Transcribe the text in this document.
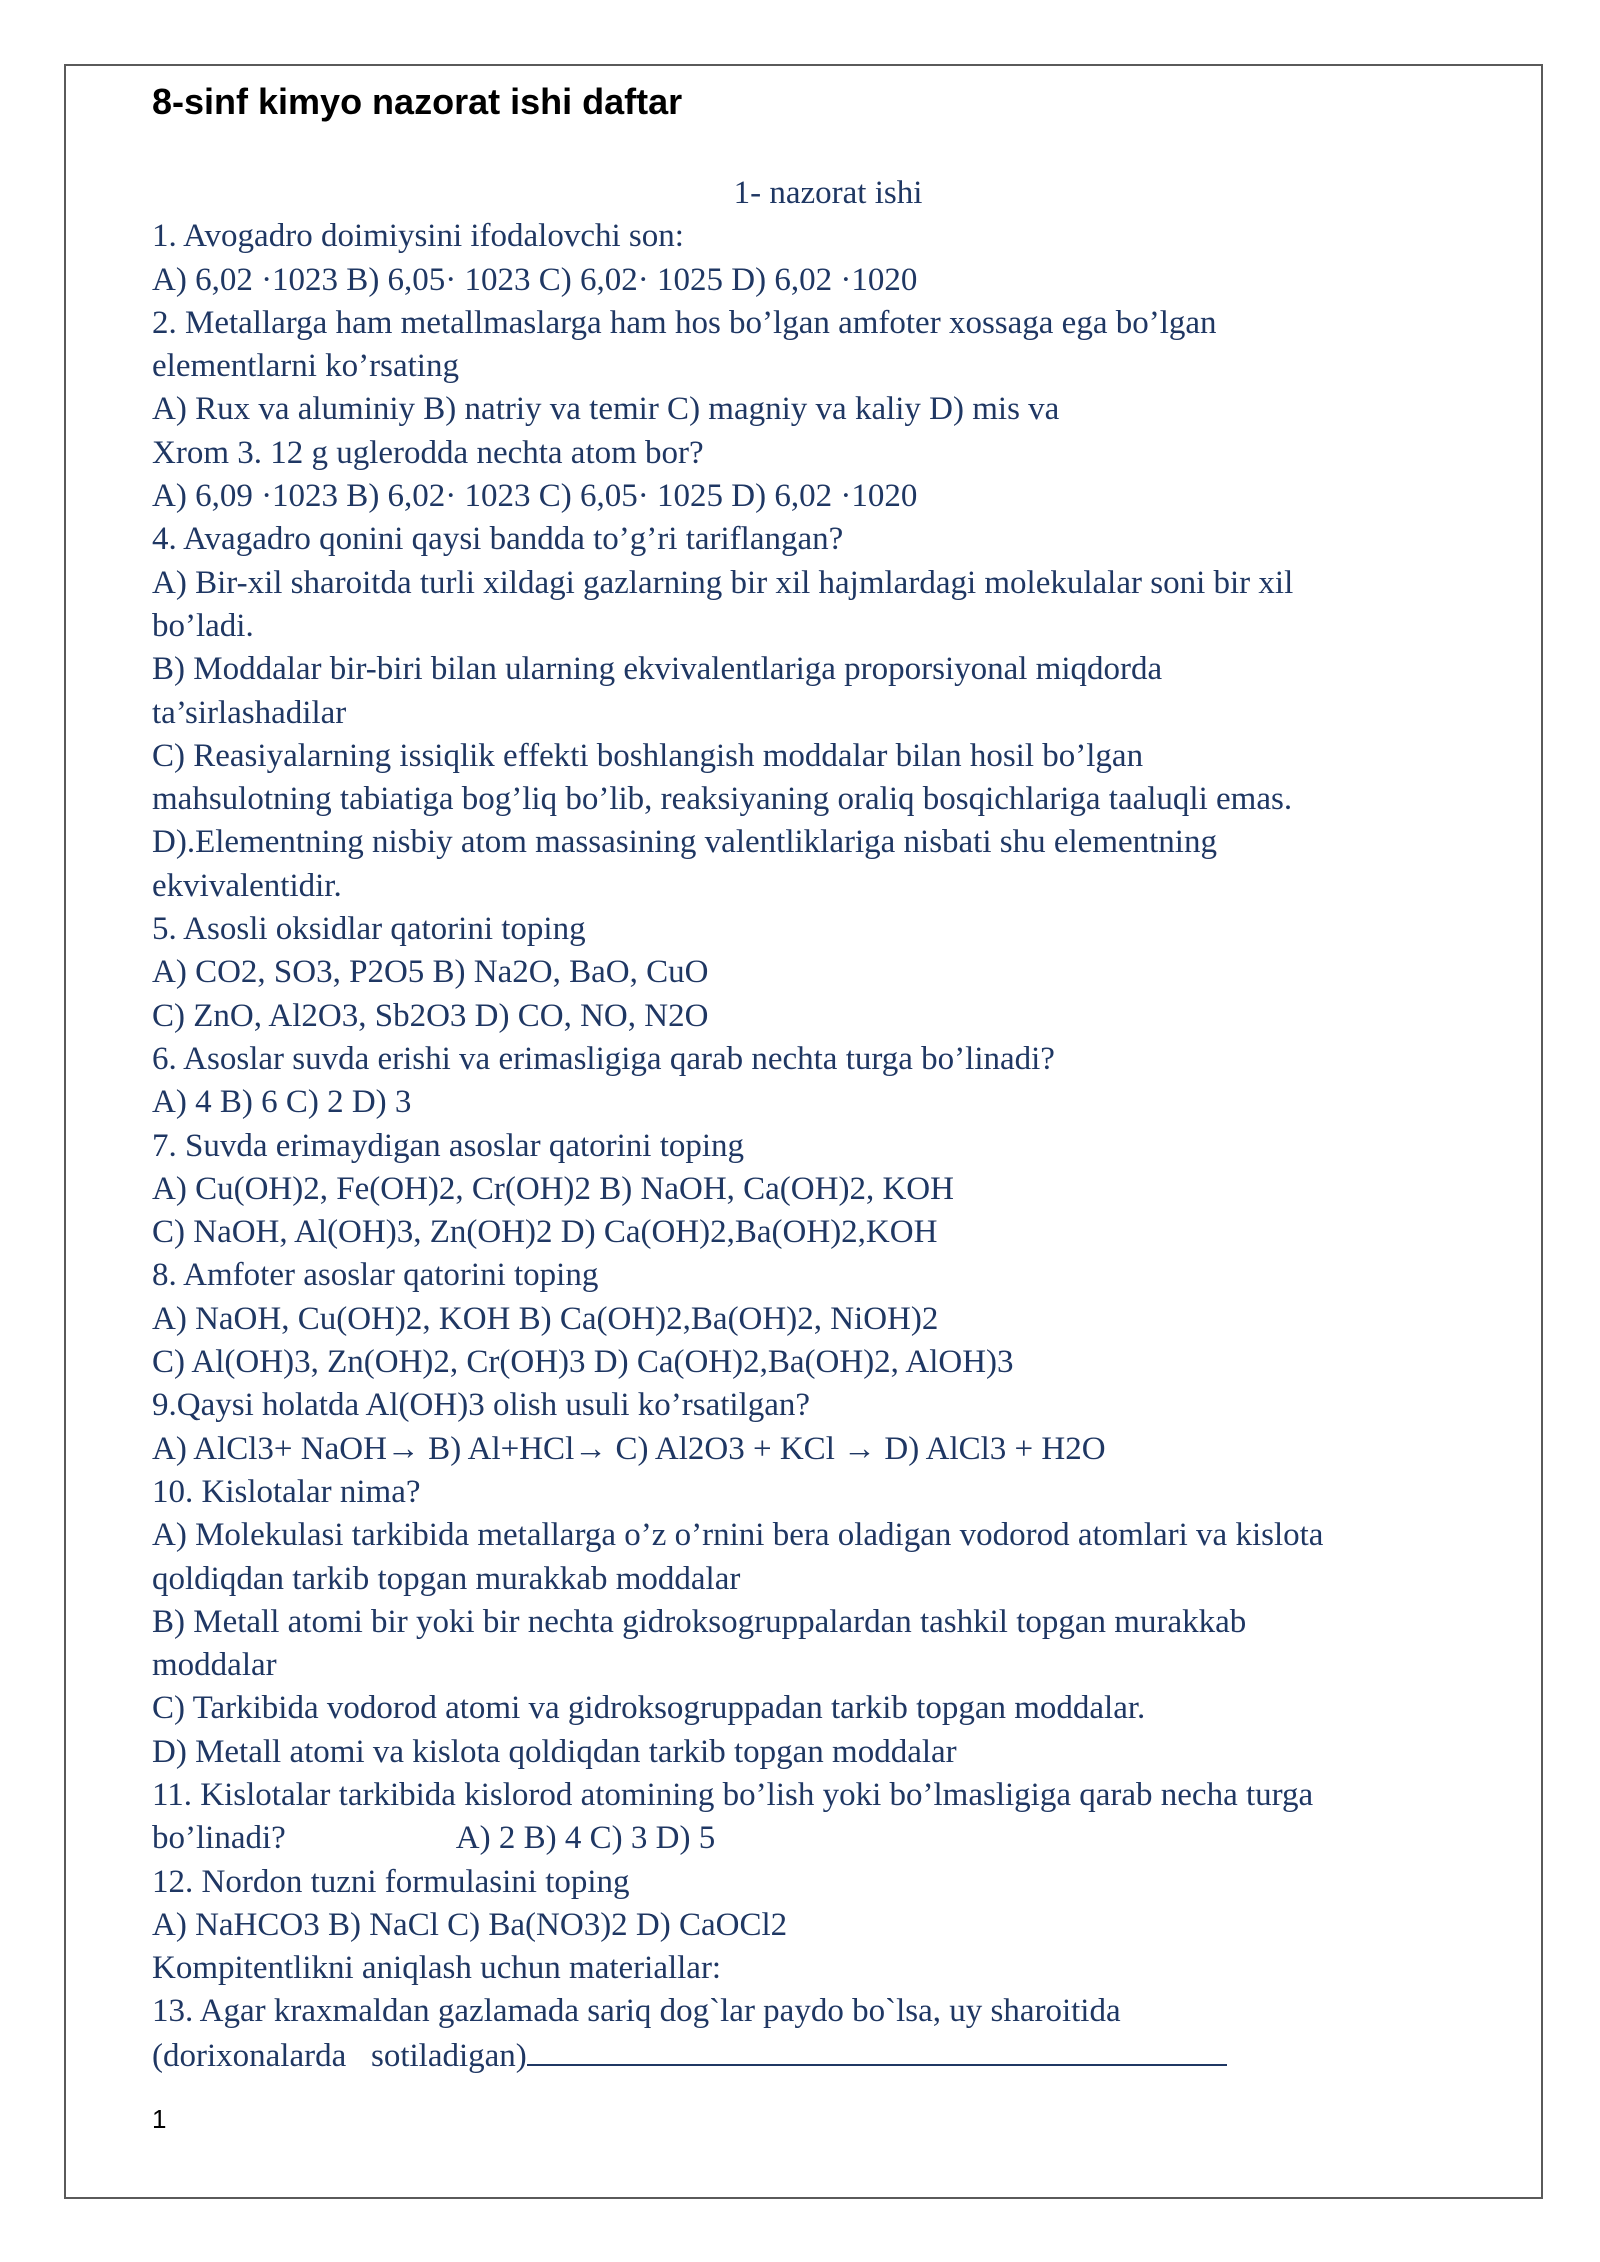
8-sinf kimyo nazorat ishi daftar
1- nazorat ishi
1. Avogadro doimiysini ifodalovchi son:
A) 6,02 ·1023 B) 6,05· 1023 C) 6,02· 1025 D) 6,02 ·1020
2. Metallarga ham metallmaslarga ham hos bo’lgan amfoter xossaga ega bo’lgan
elementlarni ko’rsating
A) Rux va aluminiy B) natriy va temir C) magniy va kaliy D) mis va
Xrom 3. 12 g uglerodda nechta atom bor?
A) 6,09 ·1023 B) 6,02· 1023 C) 6,05· 1025 D) 6,02 ·1020
4. Avagadro qonini qaysi bandda to’g’ri tariflangan?
A) Bir-xil sharoitda turli xildagi gazlarning bir xil hajmlardagi molekulalar soni bir xil
bo’ladi.
B) Moddalar bir-biri bilan ularning ekvivalentlariga proporsiyonal miqdorda
ta’sirlashadilar
C) Reasiyalarning issiqlik effekti boshlangish moddalar bilan hosil bo’lgan
mahsulotning tabiatiga bog’liq bo’lib, reaksiyaning oraliq bosqichlariga taaluqli emas.
D).Elementning nisbiy atom massasining valentliklariga nisbati shu elementning
ekvivalentidir.
5. Asosli oksidlar qatorini toping
A) CO2, SO3, P2O5 B) Na2O, BaO, CuO
C) ZnO, Al2O3, Sb2O3 D) CO, NO, N2O
6. Asoslar suvda erishi va erimasligiga qarab nechta turga bo’linadi?
A) 4 B) 6 C) 2 D) 3
7. Suvda erimaydigan asoslar qatorini toping
A) Cu(OH)2, Fe(OH)2, Cr(OH)2 B) NaOH, Ca(OH)2, KOH
C) NaOH, Al(OH)3, Zn(OH)2 D) Ca(OH)2,Ba(OH)2,KOH
8. Amfoter asoslar qatorini toping
A) NaOH, Cu(OH)2, KOH B) Ca(OH)2,Ba(OH)2, NiOH)2
C) Al(OH)3, Zn(OH)2, Cr(OH)3 D) Ca(OH)2,Ba(OH)2, AlOH)3
9.Qaysi holatda Al(OH)3 olish usuli ko’rsatilgan?
A) AlCl3+ NaOH→ B) Al+HCl→ C) Al2O3 + KCl → D) AlCl3 + H2O
10. Kislotalar nima?
A) Molekulasi tarkibida metallarga o’z o’rnini bera oladigan vodorod atomlari va kislota
qoldiqdan tarkib topgan murakkab moddalar
B) Metall atomi bir yoki bir nechta gidroksogruppalardan tashkil topgan murakkab
moddalar
C) Tarkibida vodorod atomi va gidroksogruppadan tarkib topgan moddalar.
D) Metall atomi va kislota qoldiqdan tarkib topgan moddalar
11. Kislotalar tarkibida kislorod atomining bo’lish yoki bo’lmasligiga qarab necha turga
bo’linadi?	A) 2 B) 4 C) 3 D) 5
12. Nordon tuzni formulasini toping
A) NaHCO3 B) NaCl C) Ba(NO3)2 D) CaOCl2
Kompitentlikni aniqlash uchun materiallar:
13. Agar kraxmaldan gazlamada sariq dog`lar paydo bo`lsa, uy sharoitida
(dorixonalarda   sotiladigan)
1
